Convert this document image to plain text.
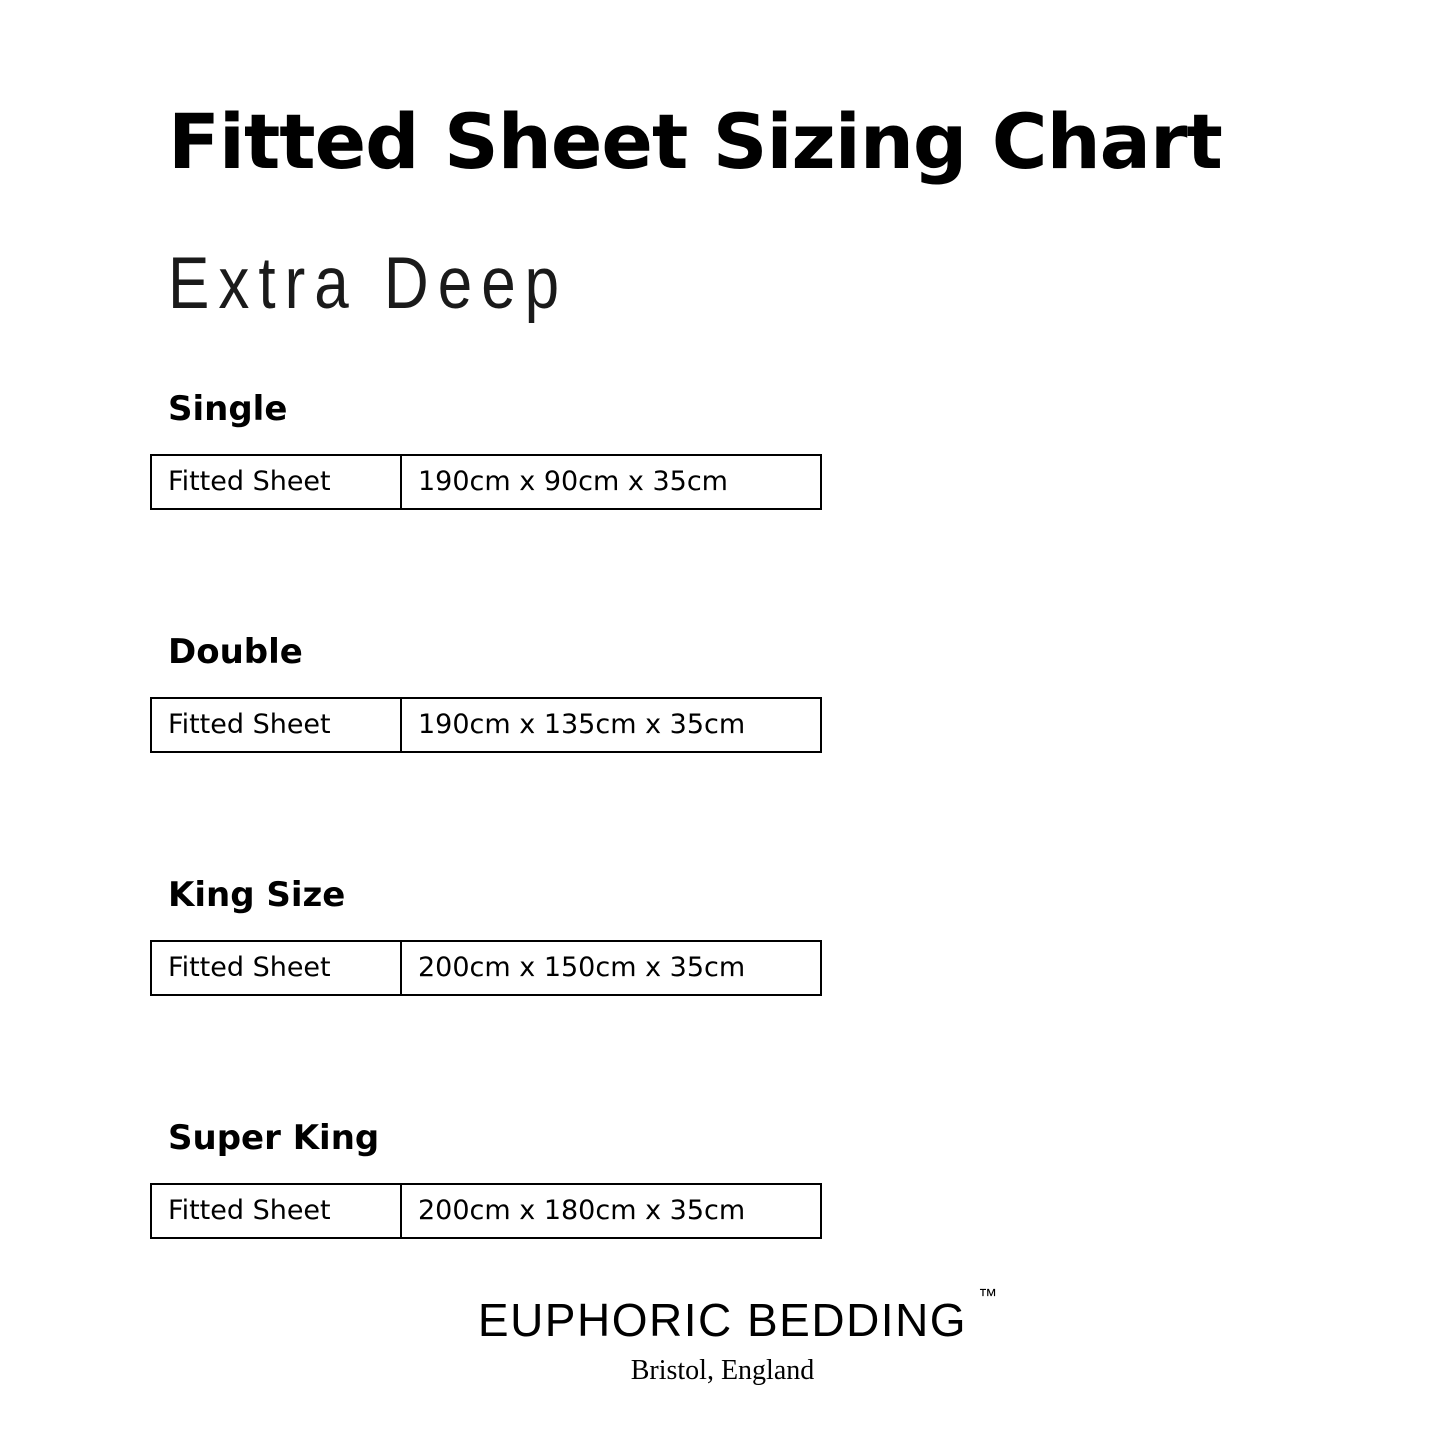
Fitted Sheet Sizing Chart
Extra Deep
Single
Fitted Sheet	190cm x 90cm x 35cm
Double
Fitted Sheet	190cm x 135cm x 35cm
King Size
Fitted Sheet	200cm x 150cm x 35cm
Super King
Fitted Sheet	200cm x 180cm x 35cm
EUPHORIC BEDDING ™
Bristol, England
